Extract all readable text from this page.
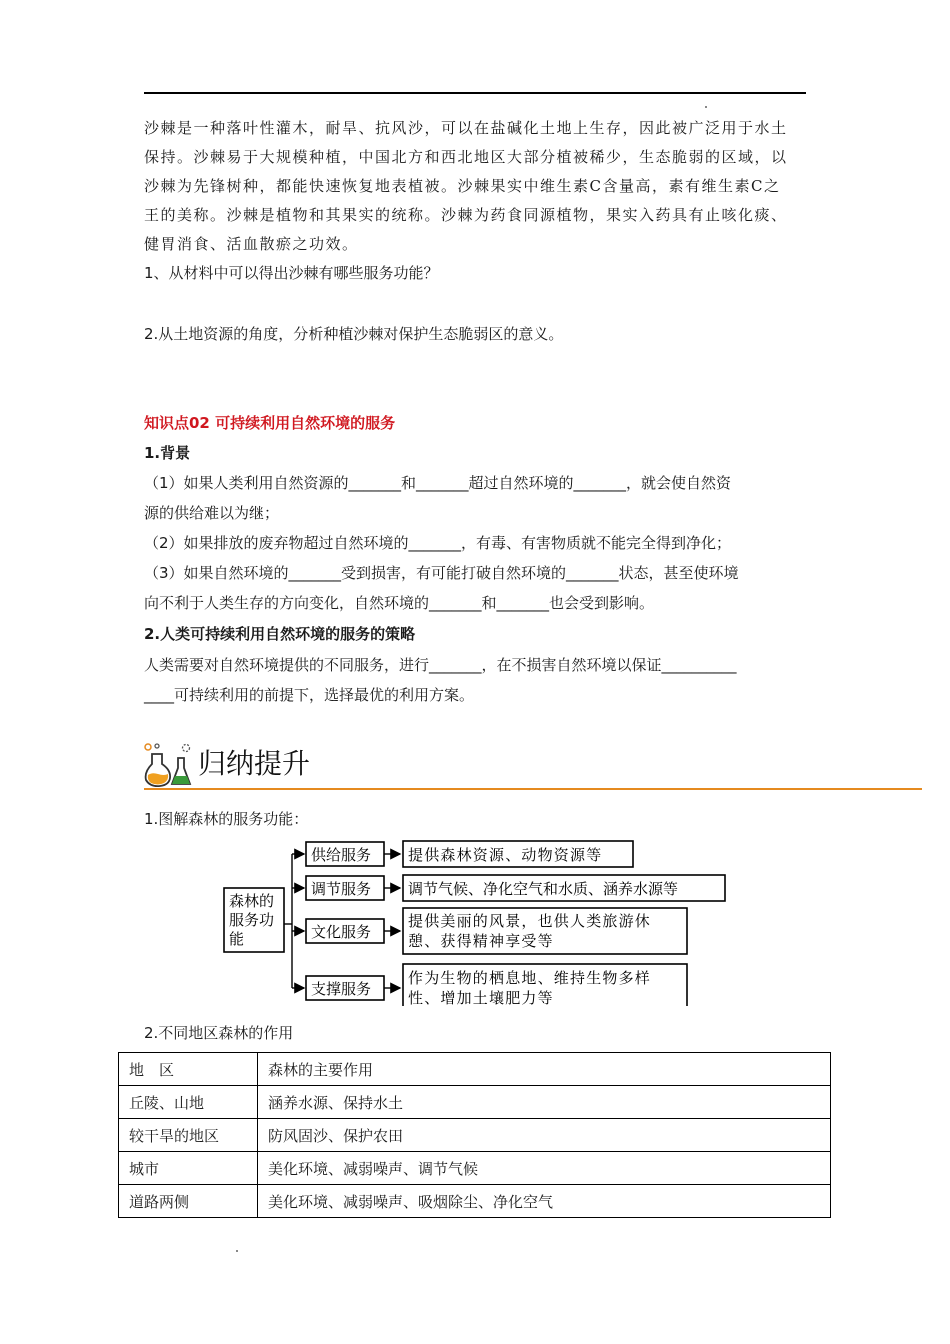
沙棘是一种落叶性灌木，耐旱、抗风沙，可以在盐碱化土地上生存，因此被广泛用于水土
保持。沙棘易于大规模种植，中国北方和西北地区大部分植被稀少，生态脆弱的区域，以
沙棘为先锋树种，都能快速恢复地表植被。沙棘果实中维生素C含量高，素有维生素C之
王的美称。沙棘是植物和其果实的统称。沙棘为药食同源植物，果实入药具有止咳化痰、
健胃消食、活血散瘀之功效。
1、从材料中可以得出沙棘有哪些服务功能？
2.从土地资源的角度，分析种植沙棘对保护生态脆弱区的意义。
知识点02 可持续利用自然环境的服务
1.背景
（1）如果人类利用自然资源的_______和_______超过自然环境的_______，就会使自然资
源的供给难以为继；
（2）如果排放的废弃物超过自然环境的_______，有毒、有害物质就不能完全得到净化；
（3）如果自然环境的_______受到损害，有可能打破自然环境的_______状态，甚至使环境
向不利于人类生存的方向变化，自然环境的_______和_______也会受到影响。
2.人类可持续利用自然环境的服务的策略
人类需要对自然环境提供的不同服务，进行_______，在不损害自然环境以保证__________
____可持续利用的前提下，选择最优的利用方案。
归纳提升
1.图解森林的服务功能：
森林的
服务功
能
供给服务
调节服务
文化服务
支撑服务
提供森林资源、动物资源等
调节气候、净化空气和水质、涵养水源等
提供美丽的风景，也供人类旅游休
憩、获得精神享受等
作为生物的栖息地、维持生物多样
性、增加土壤肥力等
2.不同地区森林的作用
地　区	森林的主要作用
丘陵、山地	涵养水源、保持水土
较干旱的地区	防风固沙、保护农田
城市	美化环境、减弱噪声、调节气候
道路两侧	美化环境、减弱噪声、吸烟除尘、净化空气
